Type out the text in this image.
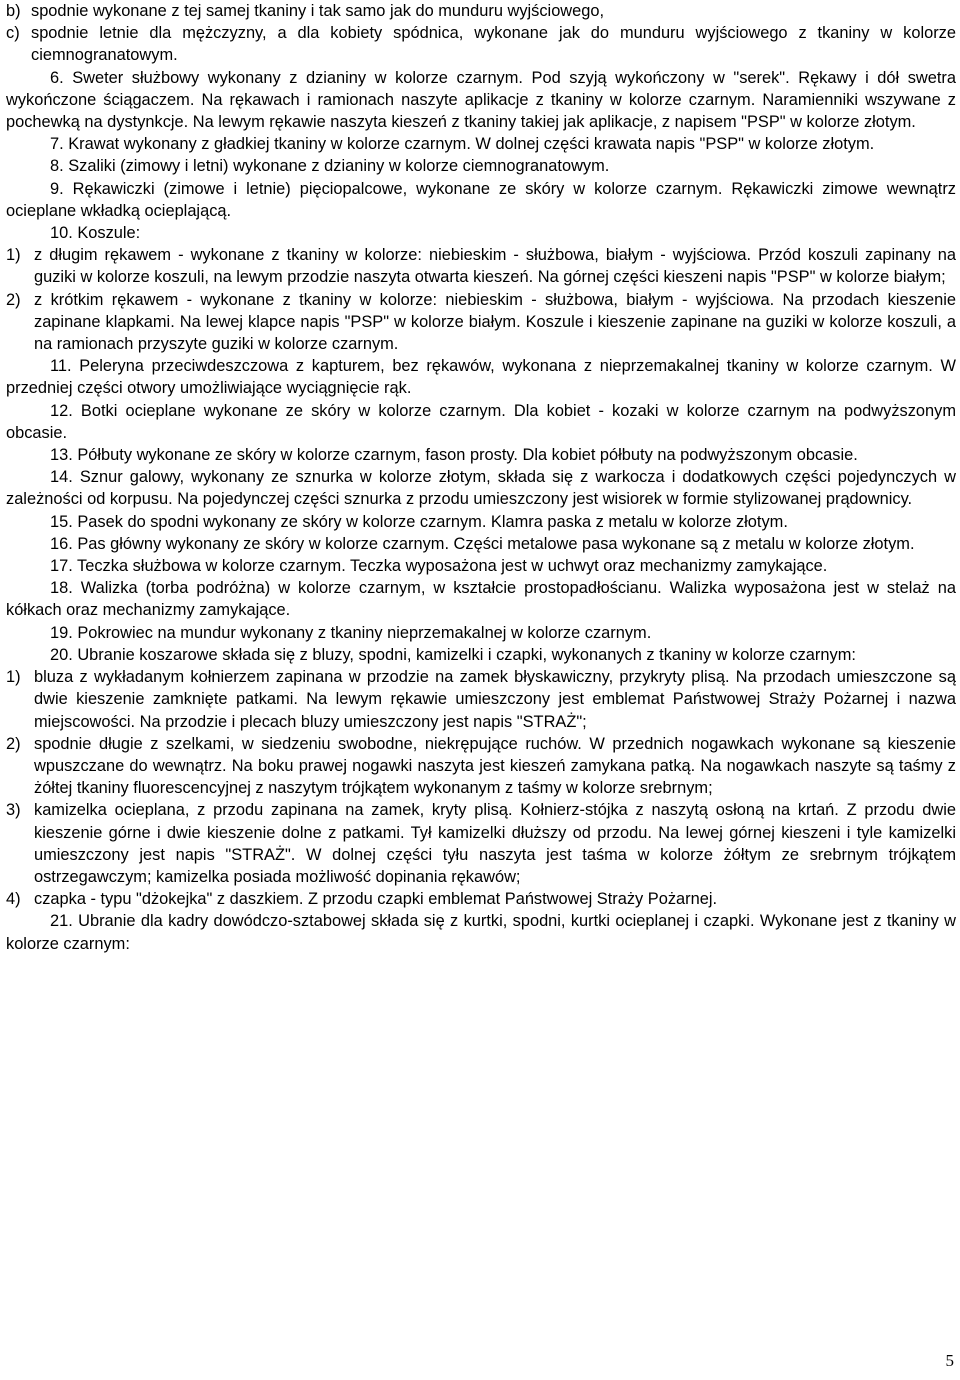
b) spodnie wykonane z tej samej tkaniny i tak samo jak do munduru wyjściowego,
c) spodnie letnie dla mężczyzny, a dla kobiety spódnica, wykonane jak do munduru wyjściowego z tkaniny w kolorze ciemnogranatowym.

6. Sweter służbowy wykonany z dzianiny w kolorze czarnym. Pod szyją wykończony w "serek". Rękawy i dół swetra wykończone ściągaczem. Na rękawach i ramionach naszyte aplikacje z tkaniny w kolorze czarnym. Naramienniki wszywane z pochewką na dystynkcje. Na lewym rękawie naszyta kieszeń z tkaniny takiej jak aplikacje, z napisem "PSP" w kolorze złotym.

7. Krawat wykonany z gładkiej tkaniny w kolorze czarnym. W dolnej części krawata napis "PSP" w kolorze złotym.

8. Szaliki (zimowy i letni) wykonane z dzianiny w kolorze ciemnogranatowym.

9. Rękawiczki (zimowe i letnie) pięciopalcowe, wykonane ze skóry w kolorze czarnym. Rękawiczki zimowe wewnątrz ocieplane wkładką ocieplającą.

10. Koszule:

1) z długim rękawem - wykonane z tkaniny w kolorze: niebieskim - służbowa, białym - wyjściowa. Przód koszuli zapinany na guziki w kolorze koszuli, na lewym przodzie naszyta otwarta kieszeń. Na górnej części kieszeni napis "PSP" w kolorze białym;
2) z krótkim rękawem - wykonane z tkaniny w kolorze: niebieskim - służbowa, białym - wyjściowa. Na przodach kieszenie zapinane klapkami. Na lewej klapce napis "PSP" w kolorze białym. Koszule i kieszenie zapinane na guziki w kolorze koszuli, a na ramionach przyszyte guziki w kolorze czarnym.

11. Peleryna przeciwdeszczowa z kapturem, bez rękawów, wykonana z nieprzemakalnej tkaniny w kolorze czarnym. W przedniej części otwory umożliwiające wyciągnięcie rąk.

12. Botki ocieplane wykonane ze skóry w kolorze czarnym. Dla kobiet - kozaki w kolorze czarnym na podwyższonym obcasie.

13. Półbuty wykonane ze skóry w kolorze czarnym, fason prosty. Dla kobiet półbuty na podwyższonym obcasie.

14. Sznur galowy, wykonany ze sznurka w kolorze złotym, składa się z warkocza i dodatkowych części pojedynczych w zależności od korpusu. Na pojedynczej części sznurka z przodu umieszczony jest wisiorek w formie stylizowanej prądownicy.

15. Pasek do spodni wykonany ze skóry w kolorze czarnym. Klamra paska z metalu w kolorze złotym.

16. Pas główny wykonany ze skóry w kolorze czarnym. Części metalowe pasa wykonane są z metalu w kolorze złotym.

17. Teczka służbowa w kolorze czarnym. Teczka wyposażona jest w uchwyt oraz mechanizmy zamykające.

18. Walizka (torba podróżna) w kolorze czarnym, w kształcie prostopadłościanu. Walizka wyposażona jest w stelaż na kółkach oraz mechanizmy zamykające.

19. Pokrowiec na mundur wykonany z tkaniny nieprzemakalnej w kolorze czarnym.

20. Ubranie koszarowe składa się z bluzy, spodni, kamizelki i czapki, wykonanych z tkaniny w kolorze czarnym:

1) bluza z wykładanym kołnierzem zapinana w przodzie na zamek błyskawiczny, przykryty plisą. Na przodach umieszczone są dwie kieszenie zamknięte patkami. Na lewym rękawie umieszczony jest emblemat Państwowej Straży Pożarnej i nazwa miejscowości. Na przodzie i plecach bluzy umieszczony jest napis "STRAŻ";
2) spodnie długie z szelkami, w siedzeniu swobodne, niekrępujące ruchów. W przednich nogawkach wykonane są kieszenie wpuszczane do wewnątrz. Na boku prawej nogawki naszyta jest kieszeń zamykana patką. Na nogawkach naszyte są taśmy z żółtej tkaniny fluorescencyjnej z naszytym trójkątem wykonanym z taśmy w kolorze srebrnym;
3) kamizelka ocieplana, z przodu zapinana na zamek, kryty plisą. Kołnierz-stójka z naszytą osłoną na krtań. Z przodu dwie kieszenie górne i dwie kieszenie dolne z patkami. Tył kamizelki dłuższy od przodu. Na lewej górnej kieszeni i tyle kamizelki umieszczony jest napis "STRAŻ". W dolnej części tyłu naszyta jest taśma w kolorze żółtym ze srebrnym trójkątem ostrzegawczym; kamizelka posiada możliwość dopinania rękawów;
4) czapka - typu "dżokejka" z daszkiem. Z przodu czapki emblemat Państwowej Straży Pożarnej.

21. Ubranie dla kadry dowódczo-sztabowej składa się z kurtki, spodni, kurtki ocieplanej i czapki. Wykonane jest z tkaniny w kolorze czarnym:

5
